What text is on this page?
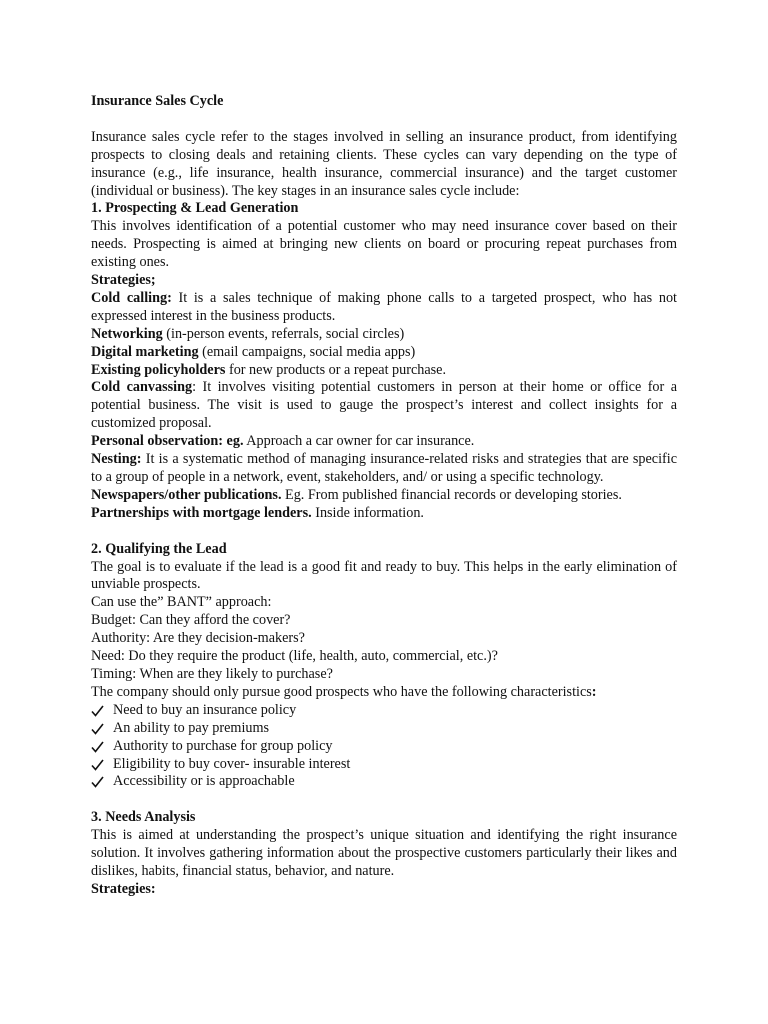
Insurance Sales Cycle

Insurance sales cycle refer to the stages involved in selling an insurance product, from identifying prospects to closing deals and retaining clients. These cycles can vary depending on the type of insurance (e.g., life insurance, health insurance, commercial insurance) and the target customer (individual or business). The key stages in an insurance sales cycle include:

1. Prospecting & Lead Generation

This involves identification of a potential customer who may need insurance cover based on their needs. Prospecting is aimed at bringing new clients on board or procuring repeat purchases from existing ones.

Strategies;

Cold calling: It is a sales technique of making phone calls to a targeted prospect, who has not expressed interest in the business products.

Networking (in-person events, referrals, social circles)

Digital marketing (email campaigns, social media apps)

Existing policyholders for new products or a repeat purchase.

Cold canvassing: It involves visiting potential customers in person at their home or office for a potential business. The visit is used to gauge the prospect’s interest and collect insights for a customized proposal.

Personal observation: eg. Approach a car owner for car insurance.

Nesting: It is a systematic method of managing insurance-related risks and strategies that are specific to a group of people in a network, event, stakeholders, and/ or using a specific technology.

Newspapers/other publications. Eg. From published financial records or developing stories.

Partnerships with mortgage lenders. Inside information.

2. Qualifying the Lead

The goal is to evaluate if the lead is a good fit and ready to buy. This helps in the early elimination of unviable prospects.

Can use the” BANT” approach:

Budget: Can they afford the cover?

Authority: Are they decision-makers?

Need: Do they require the product (life, health, auto, commercial, etc.)?

Timing: When are they likely to purchase?

The company should only pursue good prospects who have the following characteristics:

Need to buy an insurance policy
An ability to pay premiums
Authority to purchase for group policy
Eligibility to buy cover- insurable interest
Accessibility or is approachable

3. Needs Analysis

This is aimed at understanding the prospect’s unique situation and identifying the right insurance solution. It involves gathering information about the prospective customers particularly their likes and dislikes, habits, financial status, behavior, and nature.

Strategies:
